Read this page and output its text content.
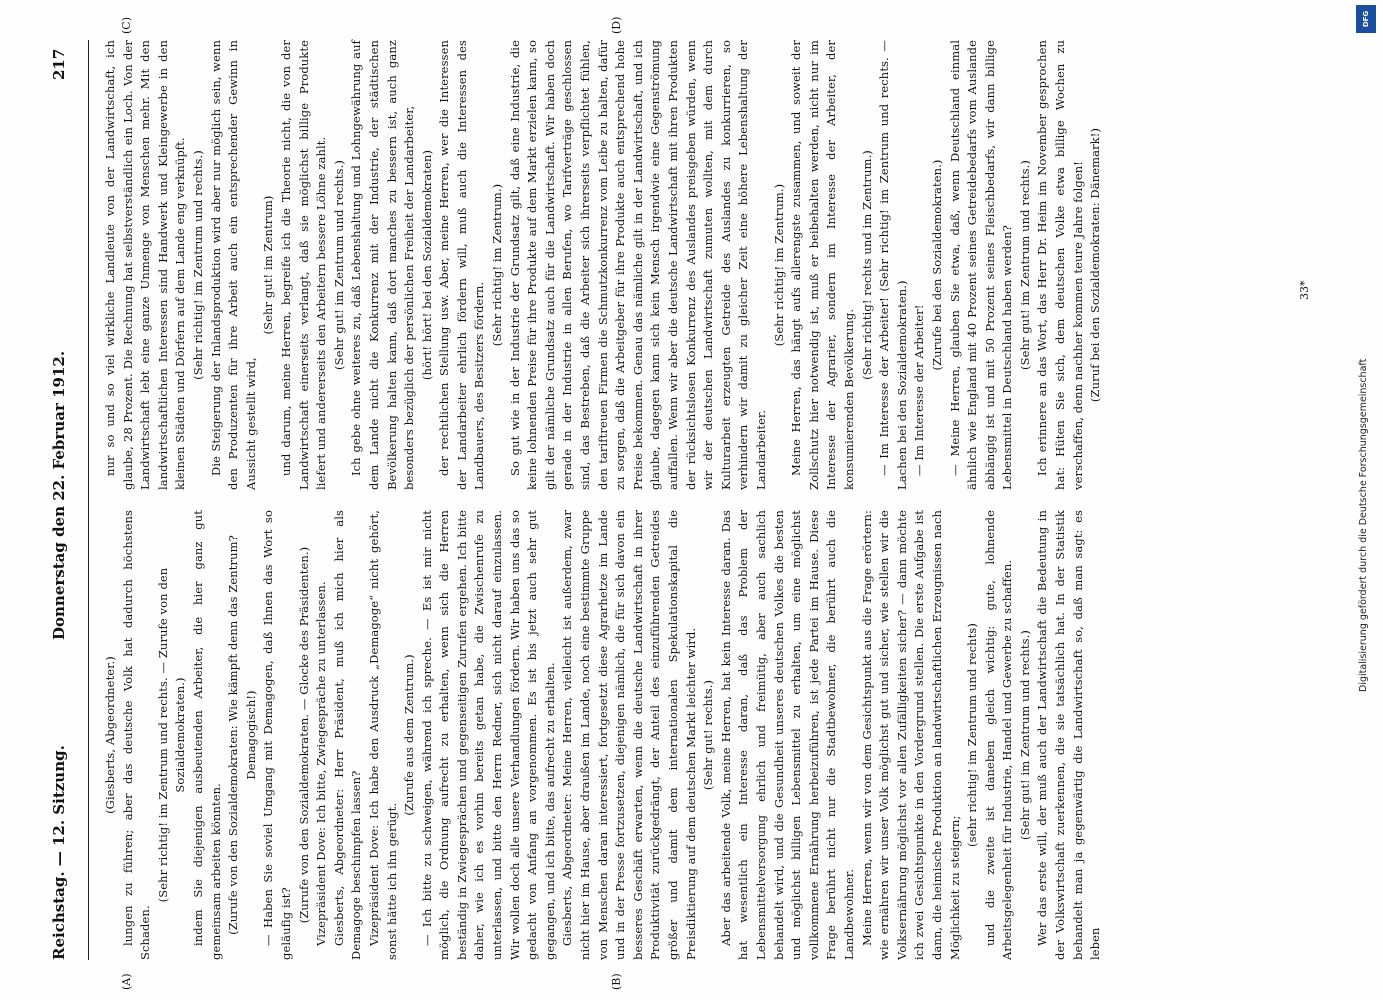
Reichstag. — 12. Sitzung.
Donnerstag den 22. Februar 1912.
217
(A)	(B)
(C)	(D)

(Giesberts, Abgeordneter.) lungen zu führen; aber das deutsche Volk hat dadurch höchstens Schaden.

(Sehr richtig! im Zentrum und rechts. — Zurufe von den Sozialdemokraten.) indem Sie diejenigen ausbeutenden Arbeiter, die hier ganz gut gemeinsam arbeiten könnten. (Zurufe von den Sozialdemokraten: Wie kämpft denn das Zentrum? Demagogisch!) — Haben Sie soviel Umgang mit Demagogen, daß Ihnen das Wort so geläufig ist?

(Zurufe von den Sozialdemokraten. — Glocke des Präsidenten.) Vizepräsident Dove: Ich bitte, Zwiegespräche zu unterlassen. Giesberts, Abgeordneter: Herr Präsident, muß ich mich hier als Demagoge beschimpfen lassen? Vizepräsident Dove: Ich habe den Ausdruck „Demagoge“ nicht gehört, sonst hätte ich ihn gerügt.

(Zurufe aus dem Zentrum.) — Ich bitte zu schweigen, während ich spreche. — Es ist mir nicht möglich, die Ordnung aufrecht zu erhalten, wenn sich die Herren beständig in Zwiegesprächen und gegenseitigen Zurufen ergehen. Ich bitte daher, wie ich es vorhin bereits getan habe, die Zwischenrufe zu unterlassen, und bitte den Herrn Redner, sich nicht darauf einzulassen. Wir wollen doch alle unsere Verhandlungen fördern. Wir haben uns das so gedacht von Anfang an vorgenommen. Es ist bis jetzt auch sehr gut gegangen, und ich bitte, das aufrecht zu erhalten. Giesberts, Abgeordneter: Meine Herren, vielleicht ist außerdem, zwar nicht hier im Hause, aber draußen im Lande, noch eine bestimmte Gruppe von Menschen daran interessiert, fortgesetzt diese Agrarhetze im Lande und in der Presse fortzusetzen, diejenigen nämlich, die für sich davon ein besseres Geschäft erwarten, wenn die deutsche Landwirtschaft in ihrer Produktivität zurückgedrängt, der Anteil des einzuführenden Getreides größer und damit dem internationalen Spekulationskapital die Preisdiktierung auf dem deutschen Markt leichter wird. (Sehr gut! rechts.) Aber das arbeitende Volk, meine Herren, hat kein Interesse daran. Das hat wesentlich ein Interesse daran, daß das Problem der Lebensmittelversorgung ehrlich und freimütig, aber auch sachlich behandelt wird, und die Gesundheit unseres deutschen Volkes die besten und möglichst billigen Lebensmittel zu erhalten, um eine möglichst vollkommene Ernährung herbeizuführen, ist jede Partei im Hause. Diese Frage berührt nicht nur die Stadtbewohner, die berührt auch die Landbewohner. Meine Herren, wenn wir von dem Gesichtspunkt aus die Frage erörtern: wie ernähren wir unser Volk möglichst gut und sicher, wie stellen wir die Volksernährung möglichst vor allen Zufälligkeiten sicher? — dann möchte ich zwei Gesichtspunkte in den Vordergrund stellen. Die erste Aufgabe ist dann, die heimische Produktion an landwirtschaftlichen Erzeugnissen nach Möglichkeit zu steigern;

(sehr richtig! im Zentrum und rechts) und die zweite ist daneben gleich wichtig: gute, lohnende Arbeitsgelegenheit für Industrie, Handel und Gewerbe zu schaffen. (Sehr gut! im Zentrum und rechts.) Wer das erste will, der muß auch der Landwirtschaft die Bedeutung in der Volkswirtschaft zuerkennen, die sie tatsächlich hat. In der Statistik behandelt man ja gegenwärtig die Landwirtschaft so, daß man sagt: es leben

nur so und so viel wirkliche Landleute von der Landwirtschaft, ich glaube, 28 Prozent. Die Rechnung hat selbstverständlich ein Loch. Von der Landwirtschaft lebt eine ganze Unmenge von Menschen mehr. Mit den landwirtschaftlichen Interessen sind Handwerk und Kleingewerbe in den kleinen Städten und Dörfern auf dem Lande eng verknüpft. (Sehr richtig! im Zentrum und rechts.) Die Steigerung der Inlandsproduktion wird aber nur möglich sein, wenn den Produzenten für ihre Arbeit auch ein entsprechender Gewinn in Aussicht gestellt wird,

(Sehr gut! im Zentrum) und darum, meine Herren, begreife ich die Theorie nicht, die von der Landwirtschaft einerseits verlangt, daß sie möglichst billige Produkte liefert und andererseits den Arbeitern bessere Löhne zahlt. (Sehr gut! im Zentrum und rechts.) Ich gebe ohne weiteres zu, daß Lebenshaltung und Lohngewährung auf dem Lande nicht die Konkurrenz mit der Industrie, der städtischen Bevölkerung halten kann, daß dort manches zu bessern ist, auch ganz besonders bezüglich der persönlichen Freiheit der Landarbeiter, (hört! hört! bei den Sozialdemokraten) der rechtlichen Stellung usw. Aber, meine Herren, wer die Interessen der Landarbeiter ehrlich fördern will, muß auch die Interessen des Landbauers, des Besitzers fördern.

(Sehr richtig! im Zentrum.) So gut wie in der Industrie der Grundsatz gilt, daß eine Industrie, die keine lohnenden Preise für ihre Produkte auf dem Markt erzielen kann, so gilt der nämliche Grundsatz auch für die Landwirtschaft. Wir haben doch gerade in der Industrie in allen Berufen, wo Tarifverträge geschlossen sind, das Bestreben, daß die Arbeiter sich ihrerseits verpflichtet fühlen, den tariftreuen Firmen die Schmutzkonkurrenz vom Leibe zu halten, dafür zu sorgen, daß die Arbeitgeber für ihre Produkte auch entsprechend hohe Preise bekommen. Genau das nämliche gilt in der Landwirtschaft, und ich glaube, dagegen kann sich kein Mensch irgendwie eine Gegenströmung auffallen. Wenn wir aber die deutsche Landwirtschaft mit ihren Produkten der rücksichtslosen Konkurrenz des Auslandes preisgeben würden, wenn wir der deutschen Landwirtschaft zumuten wollten, mit dem durch Kulturarbeit erzeugten Getreide des Auslandes zu konkurrieren, so verhindern wir damit zu gleicher Zeit eine höhere Lebenshaltung der Landarbeiter.

(Sehr richtig! im Zentrum.) Meine Herren, das hängt aufs allerengste zusammen, und soweit der Zollschutz hier notwendig ist, muß er beibehalten werden, nicht nur im Interesse der Agrarier, sondern im Interesse der Arbeiter, der konsumierenden Bevölkerung.

(Sehr richtig! rechts und im Zentrum.) — Im Interesse der Arbeiter! (Sehr richtig! im Zentrum und rechts. — Lachen bei den Sozialdemokraten.) — Im Interesse der Arbeiter!

(Zurufe bei den Sozialdemokraten.) — Meine Herren, glauben Sie etwa, daß, wenn Deutschland einmal ähnlich wie England mit 40 Prozent seines Getreidebedarfs vom Auslande abhängig ist und mit 50 Prozent seines Fleischbedarfs, wir dann billige Lebensmittel in Deutschland haben werden? (Sehr gut! im Zentrum und rechts.) Ich erinnere an das Wort, das Herr Dr. Heim im November gesprochen hat: Hüten Sie sich, dem deutschen Volke etwa billige Wochen zu verschaffen, denn nachher kommen teure Jahre folgen! (Zuruf bei den Sozialdemokraten: Dänemark!)	33*
DFG
Digitalisierung gefördert durch die Deutsche Forschungsgemeinschaft
